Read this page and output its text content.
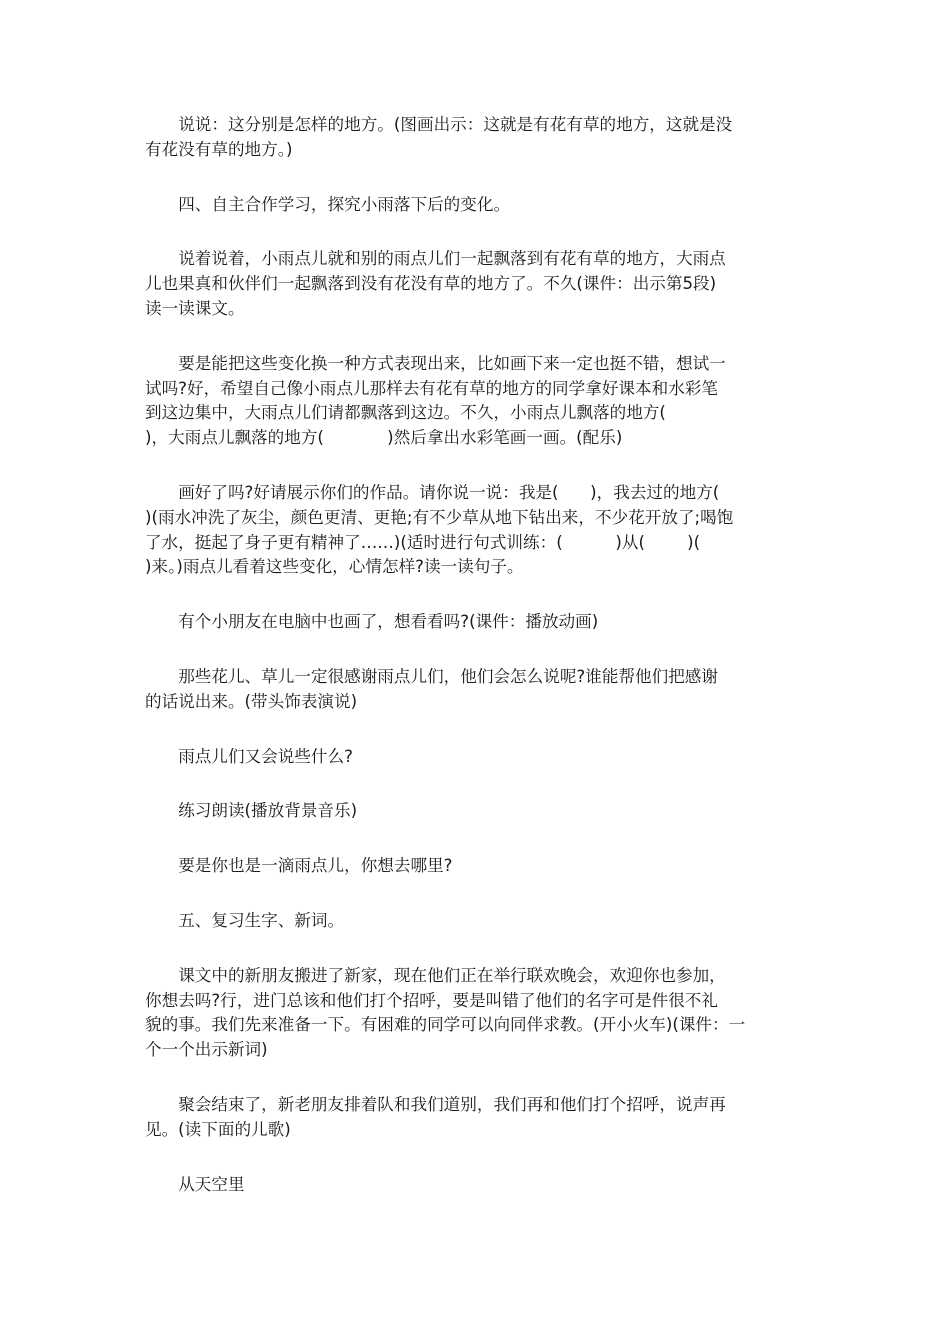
说说：这分别是怎样的地方。(图画出示：这就是有花有草的地方，这就是没
有花没有草的地方。)

四、自主合作学习，探究小雨落下后的变化。

说着说着，小雨点儿就和别的雨点儿们一起飘落到有花有草的地方，大雨点
儿也果真和伙伴们一起飘落到没有花没有草的地方了。不久(课件：出示第5段)
读一读课文。

要是能把这些变化换一种方式表现出来，比如画下来一定也挺不错，想试一
试吗?好，希望自己像小雨点儿那样去有花有草的地方的同学拿好课本和水彩笔
到这边集中，大雨点儿们请都飘落到这边。不久，小雨点儿飘落的地方(
)，大雨点儿飘落的地方(            )然后拿出水彩笔画一画。(配乐)

画好了吗?好请展示你们的作品。请你说一说：我是(      )，我去过的地方(
)(雨水冲洗了灰尘，颜色更清、更艳;有不少草从地下钻出来，不少花开放了;喝饱
了水，挺起了身子更有精神了……)(适时进行句式训练：(          )从(        )(
)来。)雨点儿看着这些变化，心情怎样?读一读句子。

有个小朋友在电脑中也画了，想看看吗?(课件：播放动画)

那些花儿、草儿一定很感谢雨点儿们，他们会怎么说呢?谁能帮他们把感谢
的话说出来。(带头饰表演说)

雨点儿们又会说些什么?

练习朗读(播放背景音乐)

要是你也是一滴雨点儿，你想去哪里?

五、复习生字、新词。

课文中的新朋友搬进了新家，现在他们正在举行联欢晚会，欢迎你也参加，
你想去吗?行，进门总该和他们打个招呼，要是叫错了他们的名字可是件很不礼
貌的事。我们先来准备一下。有困难的同学可以向同伴求教。(开小火车)(课件：一
个一个出示新词)

聚会结束了，新老朋友排着队和我们道别，我们再和他们打个招呼，说声再
见。(读下面的儿歌)

从天空里
